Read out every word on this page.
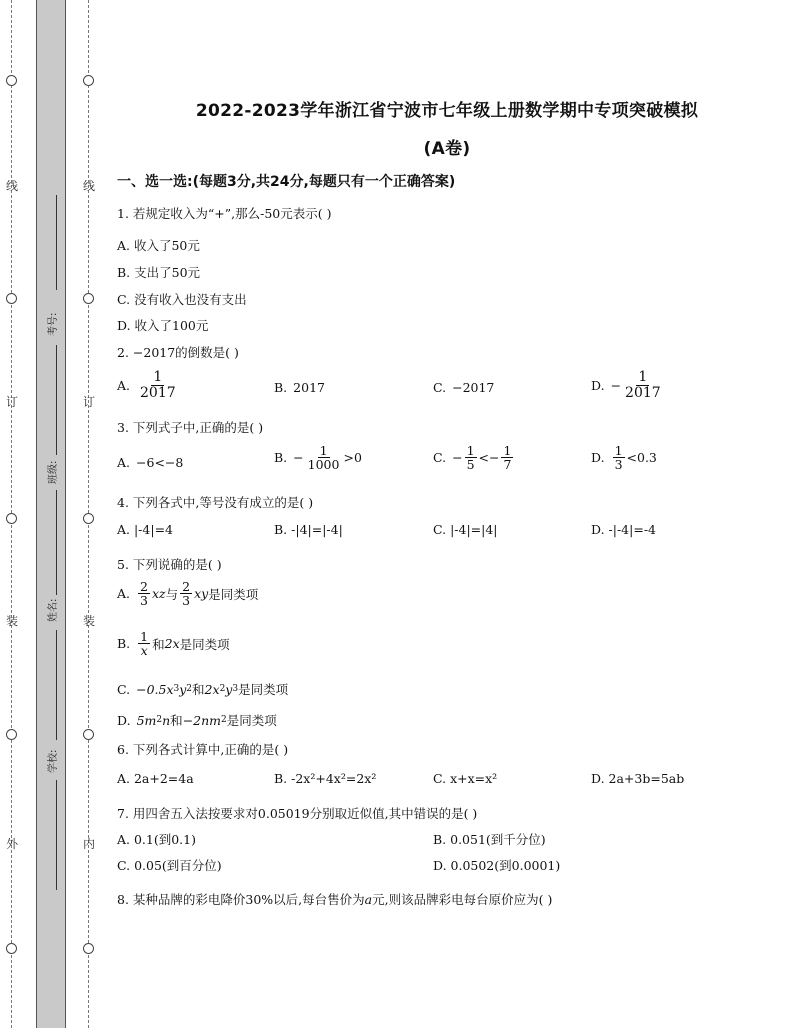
线
订
装
外
线
订
装
内
考号:
班级:
姓名:
学校:
2022-2023学年浙江省宁波市七年级上册数学期中专项突破模拟
(A卷)
一、选一选:(每题3分,共24分,每题只有一个正确答案)
1. 若规定收入为“+”,那么-50元表示( )
A. 收入了50元
B. 支出了50元
C. 没有收入也没有支出
D. 收入了100元
2. −2017的倒数是( )
A. $\frac{1}{2017}$	B. 2017	C. −2017	D. − $\frac{1}{2017}$
3. 下列式子中,正确的是( )
A. −6<−8	B. − $\frac{1}{1000} >0$	C. − $\frac{1}{5} <- \frac{1}{7}$	D. $\frac{1}{3} <0.3$
4. 下列各式中,等号没有成立的是( )
A. |-4|=4	B. -|4|=|-4|	C. |-4|=|4|	D. -|-4|=-4
5. 下列说确的是( )
A. $\frac{2}{3}$ xz 与 $\frac{2}{3}$ xy 是同类项
B. $\frac{1}{x}$ 和 2x 是同类项
C. −0.5x 3 y 2 和 2x 2 y 3 是同类项
D. 5m 2 n 和 −2nm 2 是同类项
6. 下列各式计算中,正确的是( )
A. 2a+2=4a	B. -2x²+4x²=2x²	C. x+x=x²	D. 2a+3b=5ab
7. 用四舍五入法按要求对0.05019分别取近似值,其中错误的是( )
A. 0.1(到0.1)	B. 0.051(到千分位)
C. 0.05(到百分位)	D. 0.0502(到0.0001)
8. 某种品牌的彩电降价30%以后,每台售价为a元,则该品牌彩电每台原价应为( )
